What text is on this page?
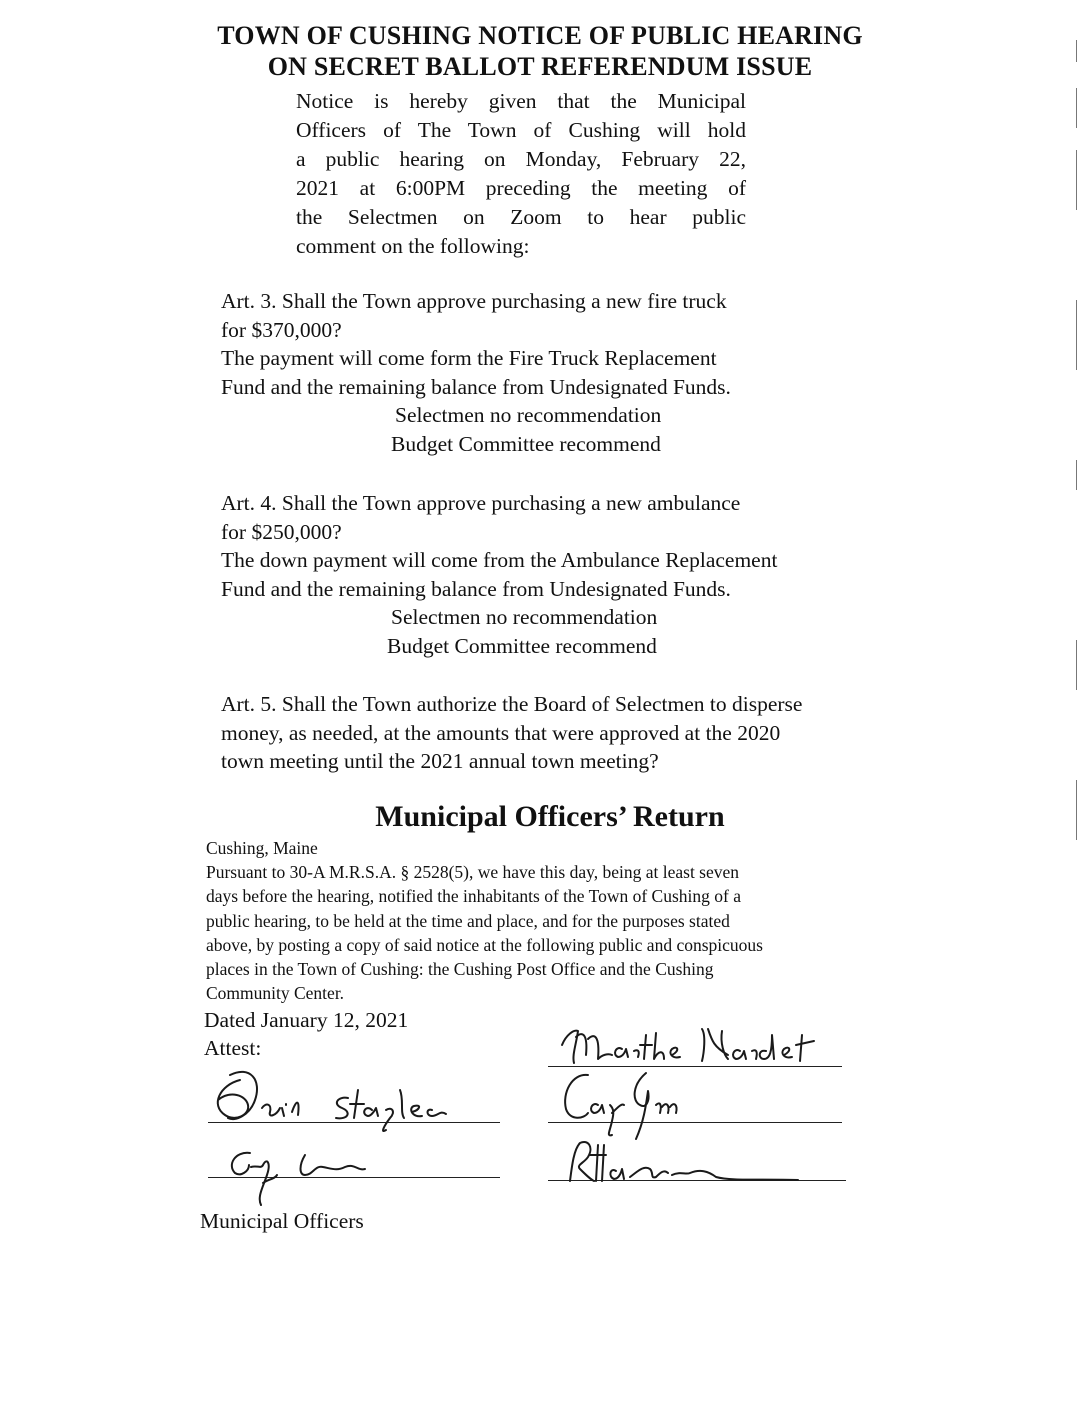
TOWN OF CUSHING NOTICE OF PUBLIC HEARING
ON SECRET BALLOT REFERENDUM ISSUE
Notice is hereby given that the Municipal
Officers of The Town of Cushing will hold
a public hearing on Monday, February 22,
2021 at 6:00PM preceding the meeting of
the Selectmen on Zoom to hear public
comment on the following:
Art. 3. Shall the Town approve purchasing a new fire truck
for $370,000?
The payment will come form the Fire Truck Replacement
Fund and the remaining balance from Undesignated Funds.
Selectmen no recommendation
Budget Committee recommend
Art. 4. Shall the Town approve purchasing a new ambulance
for $250,000?
The down payment will come from the Ambulance Replacement
Fund and the remaining balance from Undesignated Funds.
Selectmen no recommendation
Budget Committee recommend
Art. 5. Shall the Town authorize the Board of Selectmen to disperse
money, as needed, at the amounts that were approved at the 2020
town meeting until the 2021 annual town meeting?
Municipal Officers’ Return
Cushing, Maine
Pursuant to 30-A M.R.S.A. § 2528(5), we have this day, being at least seven
days before the hearing, notified the inhabitants of the Town of Cushing of a
public hearing, to be held at the time and place, and for the purposes stated
above, by posting a copy of said notice at the following public and conspicuous
places in the Town of Cushing: the Cushing Post Office and the Cushing
Community Center.
Dated January 12, 2021
Attest:
Municipal Officers
